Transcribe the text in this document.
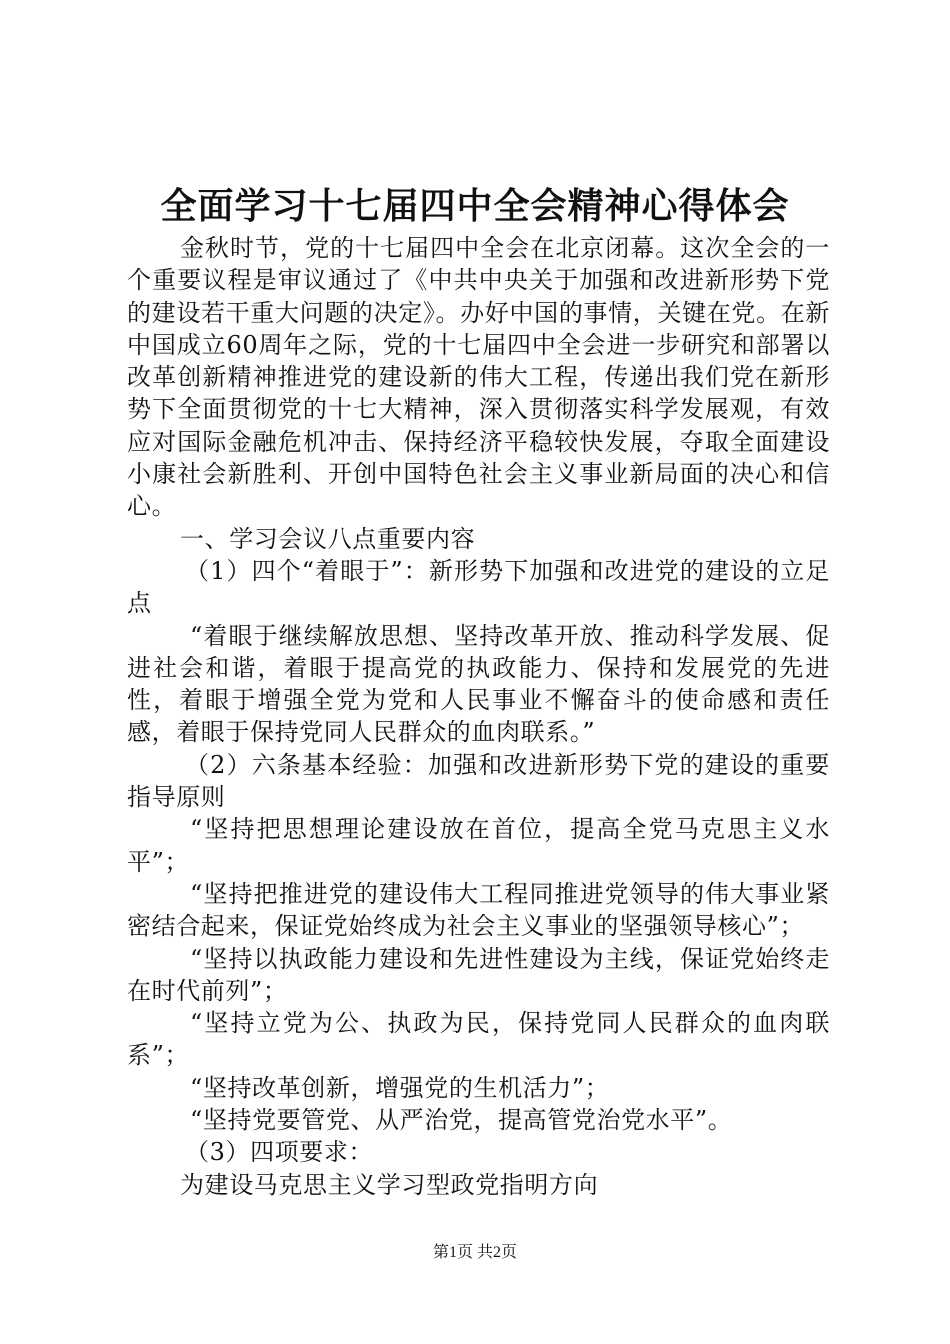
全面学习十七届四中全会精神心得体会

金秋时节，党的十七届四中全会在北京闭幕。这次全会的一个重要议程是审议通过了《中共中央关于加强和改进新形势下党的建设若干重大问题的决定》。办好中国的事情，关键在党。在新中国成立60周年之际，党的十七届四中全会进一步研究和部署以改革创新精神推进党的建设新的伟大工程，传递出我们党在新形势下全面贯彻党的十七大精神，深入贯彻落实科学发展观，有效应对国际金融危机冲击、保持经济平稳较快发展，夺取全面建设小康社会新胜利、开创中国特色社会主义事业新局面的决心和信心。

一、学习会议八点重要内容

（1）四个“着眼于”：新形势下加强和改进党的建设的立足点

“着眼于继续解放思想、坚持改革开放、推动科学发展、促进社会和谐，着眼于提高党的执政能力、保持和发展党的先进性，着眼于增强全党为党和人民事业不懈奋斗的使命感和责任感，着眼于保持党同人民群众的血肉联系。”

（2）六条基本经验：加强和改进新形势下党的建设的重要指导原则

“坚持把思想理论建设放在首位，提高全党马克思主义水平”；

“坚持把推进党的建设伟大工程同推进党领导的伟大事业紧密结合起来，保证党始终成为社会主义事业的坚强领导核心”；

“坚持以执政能力建设和先进性建设为主线，保证党始终走在时代前列”；

“坚持立党为公、执政为民，保持党同人民群众的血肉联系”；

“坚持改革创新，增强党的生机活力”；

“坚持党要管党、从严治党，提高管党治党水平”。

（3）四项要求：

为建设马克思主义学习型政党指明方向

第1页 共2页
